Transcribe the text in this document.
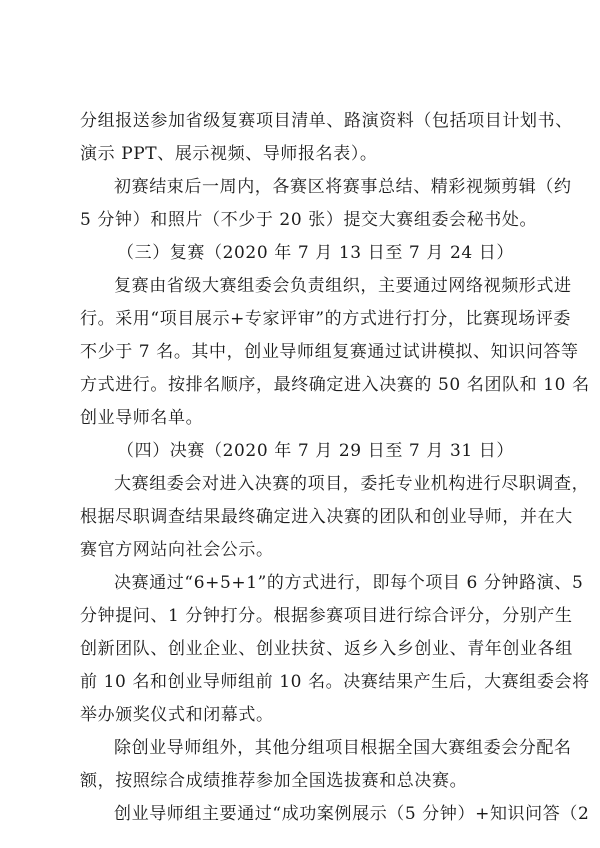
分组报送参加省级复赛项目清单、路演资料（包括项目计划书、
演示 PPT、展示视频、导师报名表）。
初赛结束后一周内，各赛区将赛事总结、精彩视频剪辑（约
5 分钟）和照片（不少于 20 张）提交大赛组委会秘书处。
（三）复赛（2020 年 7 月 13 日至 7 月 24 日）
复赛由省级大赛组委会负责组织，主要通过网络视频形式进
行。采用“项目展示+专家评审”的方式进行打分，比赛现场评委
不少于 7 名。其中，创业导师组复赛通过试讲模拟、知识问答等
方式进行。按排名顺序，最终确定进入决赛的 50 名团队和 10 名
创业导师名单。
（四）决赛（2020 年 7 月 29 日至 7 月 31 日）
大赛组委会对进入决赛的项目，委托专业机构进行尽职调查，
根据尽职调查结果最终确定进入决赛的团队和创业导师，并在大
赛官方网站向社会公示。
决赛通过“6+5+1”的方式进行，即每个项目 6 分钟路演、5
分钟提问、1 分钟打分。根据参赛项目进行综合评分，分别产生
创新团队、创业企业、创业扶贫、返乡入乡创业、青年创业各组
前 10 名和创业导师组前 10 名。决赛结果产生后，大赛组委会将
举办颁奖仪式和闭幕式。
除创业导师组外，其他分组项目根据全国大赛组委会分配名
额，按照综合成绩推荐参加全国选拔赛和总决赛。
创业导师组主要通过“成功案例展示（5 分钟）+知识问答（2
